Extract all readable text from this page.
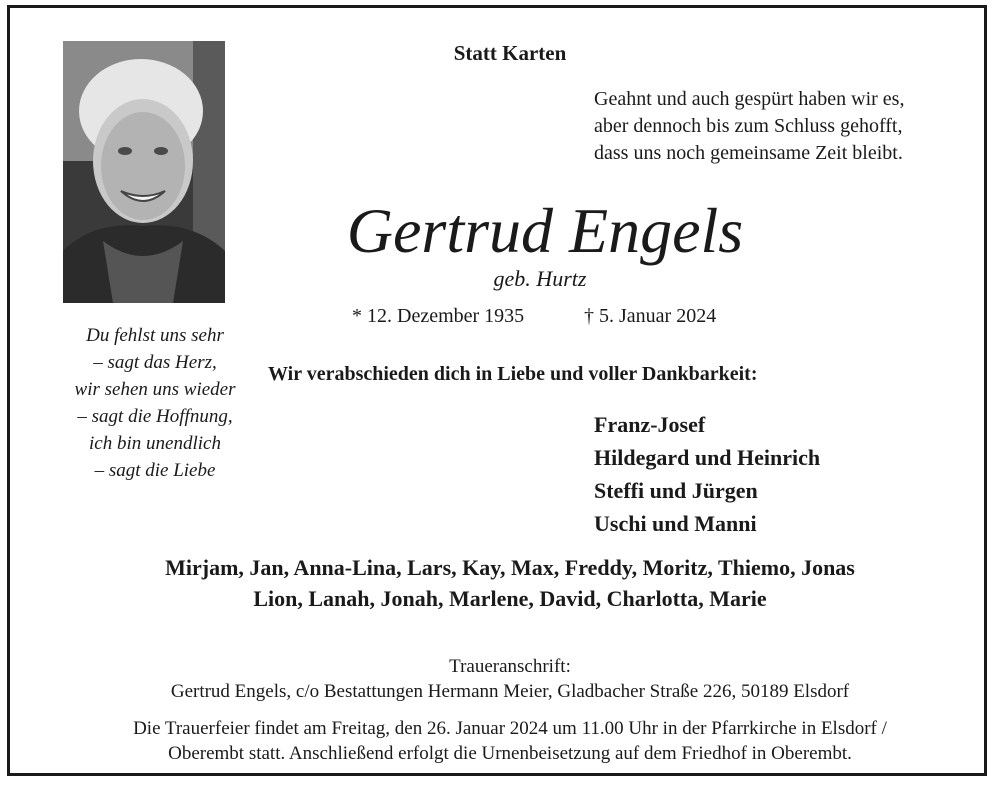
Du fehlst uns sehr
– sagt das Herz,
wir sehen uns wieder
– sagt die Hoffnung,
ich bin unendlich
– sagt die Liebe
Statt Karten
Geahnt und auch gespürt haben wir es,
aber dennoch bis zum Schluss gehofft,
dass uns noch gemeinsame Zeit bleibt.
Gertrud Engels
geb. Hurtz
* 12. Dezember 1935	† 5. Januar 2024
Wir verabschieden dich in Liebe und voller Dankbarkeit:
Franz-Josef
Hildegard und Heinrich
Steffi und Jürgen
Uschi und Manni
Mirjam, Jan, Anna-Lina, Lars, Kay, Max, Freddy, Moritz, Thiemo, Jonas
Lion, Lanah, Jonah, Marlene, David, Charlotta, Marie
Traueranschrift:
Gertrud Engels, c/o Bestattungen Hermann Meier, Gladbacher Straße 226, 50189 Elsdorf
Die Trauerfeier findet am Freitag, den 26. Januar 2024 um 11.00 Uhr in der Pfarrkirche in Elsdorf /
Oberembt statt. Anschließend erfolgt die Urnenbeisetzung auf dem Friedhof in Oberembt.
